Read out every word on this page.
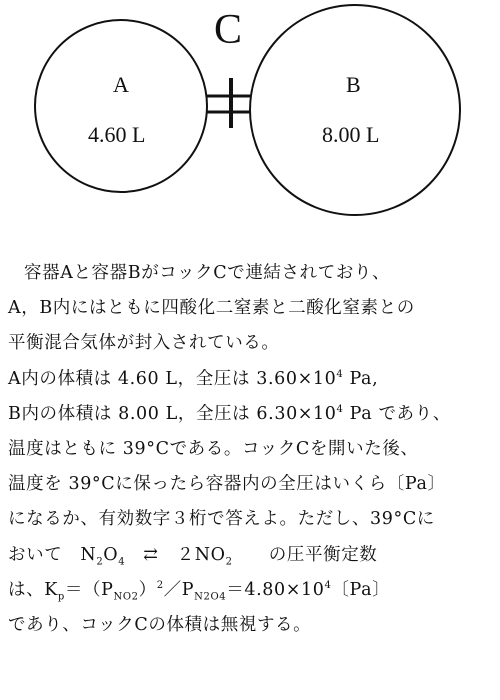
C
A
4.60 L
B
8.00 L
容器Aと容器BがコックCで連結されており、
A，B内にはともに四酸化二窒素と二酸化窒素との
平衡混合気体が封入されている。
A内の体積は 4.60 L，全圧は $3.60\times 10^4$ Pa,
B内の体積は 8.00 L，全圧は $6.30\times 10^4$ Pa であり、
温度はともに 39°Cである。コックCを開いた後、
温度を 39°Cに保ったら容器内の全圧はいくら〔Pa〕
になるか、有効数字３桁で答えよ。ただし、39°Cに
おいて　$N_2O_4$　⇄　$2NO_2$　　の圧平衡定数
は、$K_p=(P_{NO2})^2/P_{N2O4}=4.80\times 10^4$〔Pa〕
であり、コックCの体積は無視する。
